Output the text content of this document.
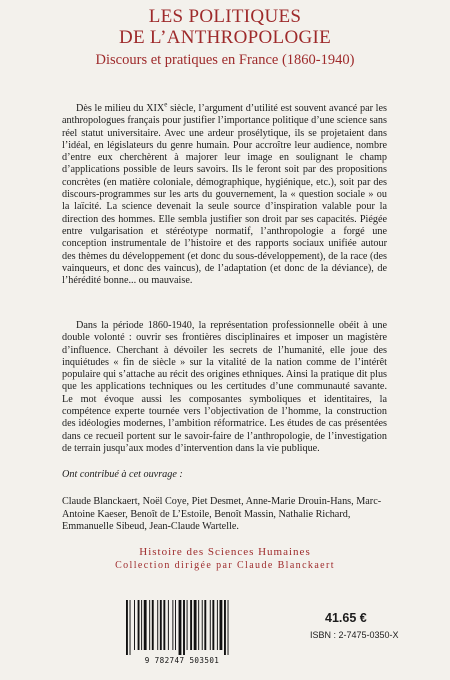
LES POLITIQUES
DE L’ANTHROPOLOGIE
Discours et pratiques en France (1860-1940)
Dès le milieu du XIXe siècle, l’argument d’utilité est souvent avancé par les anthropologues français pour justifier l’importance politique d’une science sans réel statut universitaire. Avec une ardeur prosélytique, ils se projetaient dans l’idéal, en législateurs du genre humain. Pour accroître leur audience, nombre d’entre eux cherchèrent à majorer leur image en soulignant le champ d’applications possible de leurs savoirs. Ils le feront soit par des propositions concrètes (en matière coloniale, démographique, hygiénique, etc.), soit par des discours-programmes sur les arts du gouvernement, la « question sociale » ou la laïcité. La science devenait la seule source d’inspiration valable pour la direction des hommes. Elle sembla justifier son droit par ses capacités. Piégée entre vulgarisation et stéréotype normatif, l’anthropologie a forgé une conception instrumentale de l’histoire et des rapports sociaux unifiée autour des thèmes du développement (et donc du sous-développement), de la race (des vainqueurs, et donc des vaincus), de l’adaptation (et donc de la déviance), de l’hérédité bonne... ou mauvaise.
Dans la période 1860-1940, la représentation professionnelle obéit à une double volonté : ouvrir ses frontières disciplinaires et imposer un magistère d’influence. Cherchant à dévoiler les secrets de l’humanité, elle joue des inquiétudes « fin de siècle » sur la vitalité de la nation comme de l’intérêt populaire qui s’attache au récit des origines ethniques. Ainsi la pratique dit plus que les applications techniques ou les certitudes d’une communauté savante. Le mot évoque aussi les composantes symboliques et identitaires, la compétence experte tournée vers l’objectivation de l’homme, la construction des idéologies modernes, l’ambition réformatrice. Les études de cas présentées dans ce recueil portent sur le savoir-faire de l’anthropologie, de l’investigation de terrain jusqu’aux modes d’intervention dans la vie publique.
Ont contribué à cet ouvrage :
Claude Blanckaert, Noël Coye, Piet Desmet, Anne-Marie Drouin-Hans, Marc-Antoine Kaeser, Benoît de L’Estoile, Benoît Massin, Nathalie Richard, Emmanuelle Sibeud, Jean-Claude Wartelle.
Histoire des Sciences Humaines
Collection dirigée par Claude Blanckaert
9 782747 503501
41.65 €
ISBN : 2-7475-0350-X
